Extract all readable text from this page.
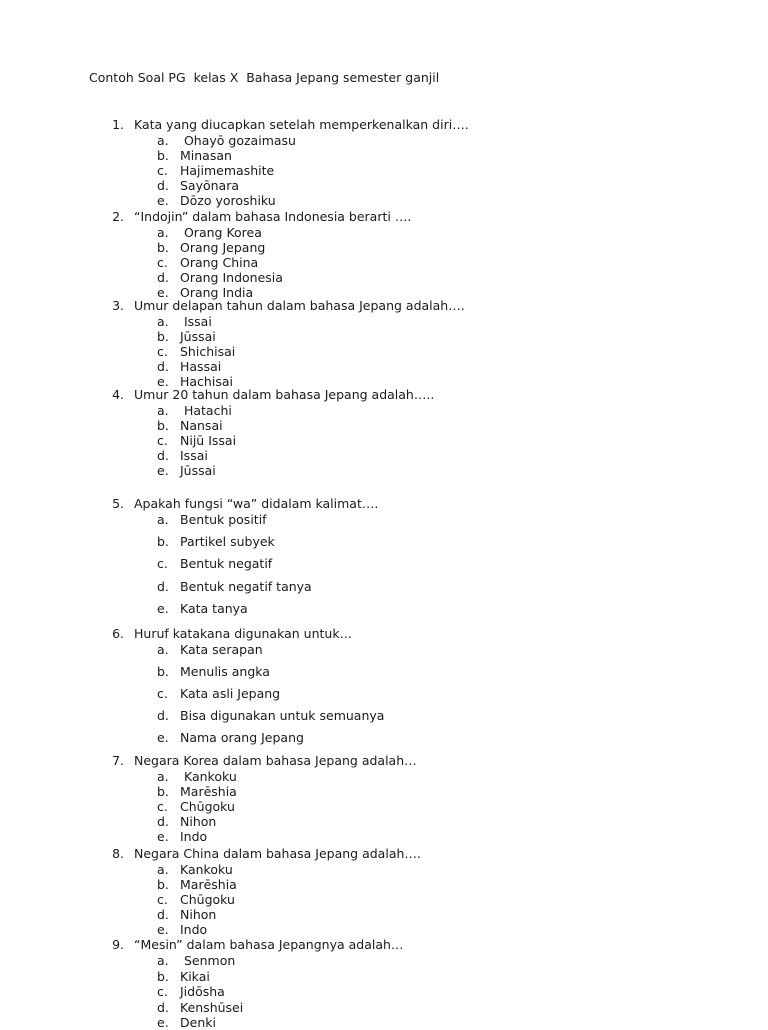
Contoh Soal PG  kelas X  Bahasa Jepang semester ganjil
1. Kata yang diucapkan setelah memperkenalkan diri….
a. Ohayō gozaimasu
b. Minasan
c. Hajimemashite
d. Sayōnara
e. Dōzo yoroshiku
2. “Indojin” dalam bahasa Indonesia berarti ….
a. Orang Korea
b. Orang Jepang
c. Orang China
d. Orang Indonesia
e. Orang India
3. Umur delapan tahun dalam bahasa Jepang adalah….
a. Issai
b. Jūssai
c. Shichisai
d. Hassai
e. Hachisai
4. Umur 20 tahun dalam bahasa Jepang adalah…..
a. Hatachi
b. Nansai
c. Nijū Issai
d. Issai
e. Jūssai
5. Apakah fungsi “wa” didalam kalimat….
a. Bentuk positif
b. Partikel subyek
c. Bentuk negatif
d. Bentuk negatif tanya
e. Kata tanya
6. Huruf katakana digunakan untuk…
a. Kata serapan
b. Menulis angka
c. Kata asli Jepang
d. Bisa digunakan untuk semuanya
e. Nama orang Jepang
7. Negara Korea dalam bahasa Jepang adalah…
a. Kankoku
b. Marēshia
c. Chūgoku
d. Nihon
e. Indo
8. Negara China dalam bahasa Jepang adalah….
a. Kankoku
b. Marēshia
c. Chūgoku
d. Nihon
e. Indo
9. “Mesin” dalam bahasa Jepangnya adalah…
a. Senmon
b. Kikai
c. Jidōsha
d. Kenshūsei
e. Denki
